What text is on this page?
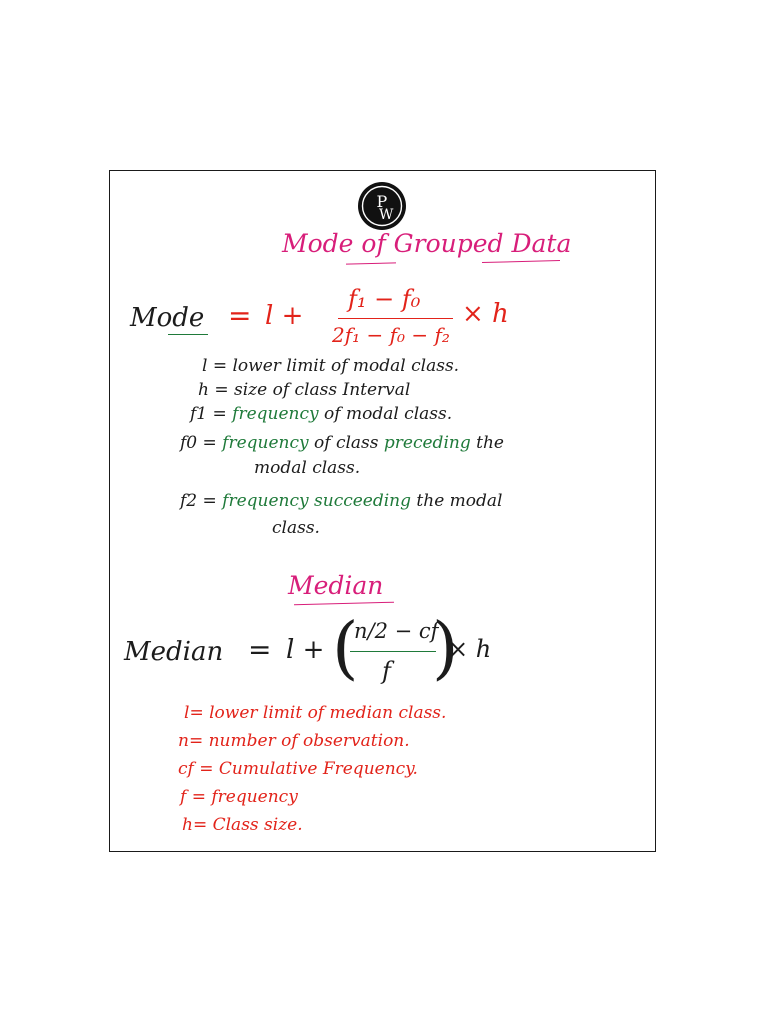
P
W
Mode of Grouped Data
Mode = l +
f₁ − f₀
2f₁ − f₀ − f₂
× h
l = lower limit of modal class.
h = size of class Interval
f1 = frequency of modal class.
f0 = frequency of class preceding the
modal class.
f2 = frequency succeeding the modal
class.
Median
Median = l + (
n/2 − cf
f )
× h
l= lower limit of median class.
n= number of observation.
cf = Cumulative Frequency.
f = frequency
h= Class size.
